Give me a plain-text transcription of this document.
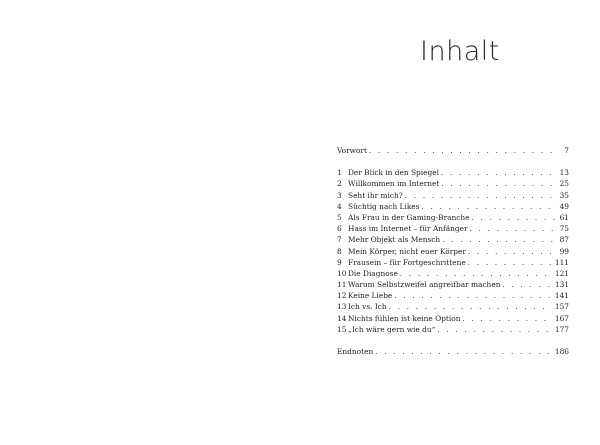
Inhalt
Vorwort . . .	7
1 Der Blick in den Spiegel . . .	13
2 Willkommen im Internet . . .	25
3 Seht ihr mich? . . .	35
4 Süchtig nach Likes . . .	49
5 Als Frau in der Gaming-Branche . . .	61
6 Hass im Internet – für Anfänger . . .	75
7 Mehr Objekt als Mensch . . .	87
8 Mein Körper, nicht euer Körper . . .	99
9 Frausein – für Fortgeschrittene . . .	111
10 Die Diagnose . . .	121
11 Warum Selbstzweifel angreifbar machen . . .	131
12 Keine Liebe . . .	141
13 Ich vs. Ich . . .	157
14 Nichts fühlen ist keine Option . . .	167
15 „Ich wäre gern wie du“ . . .	177
Endnoten . . .	186
